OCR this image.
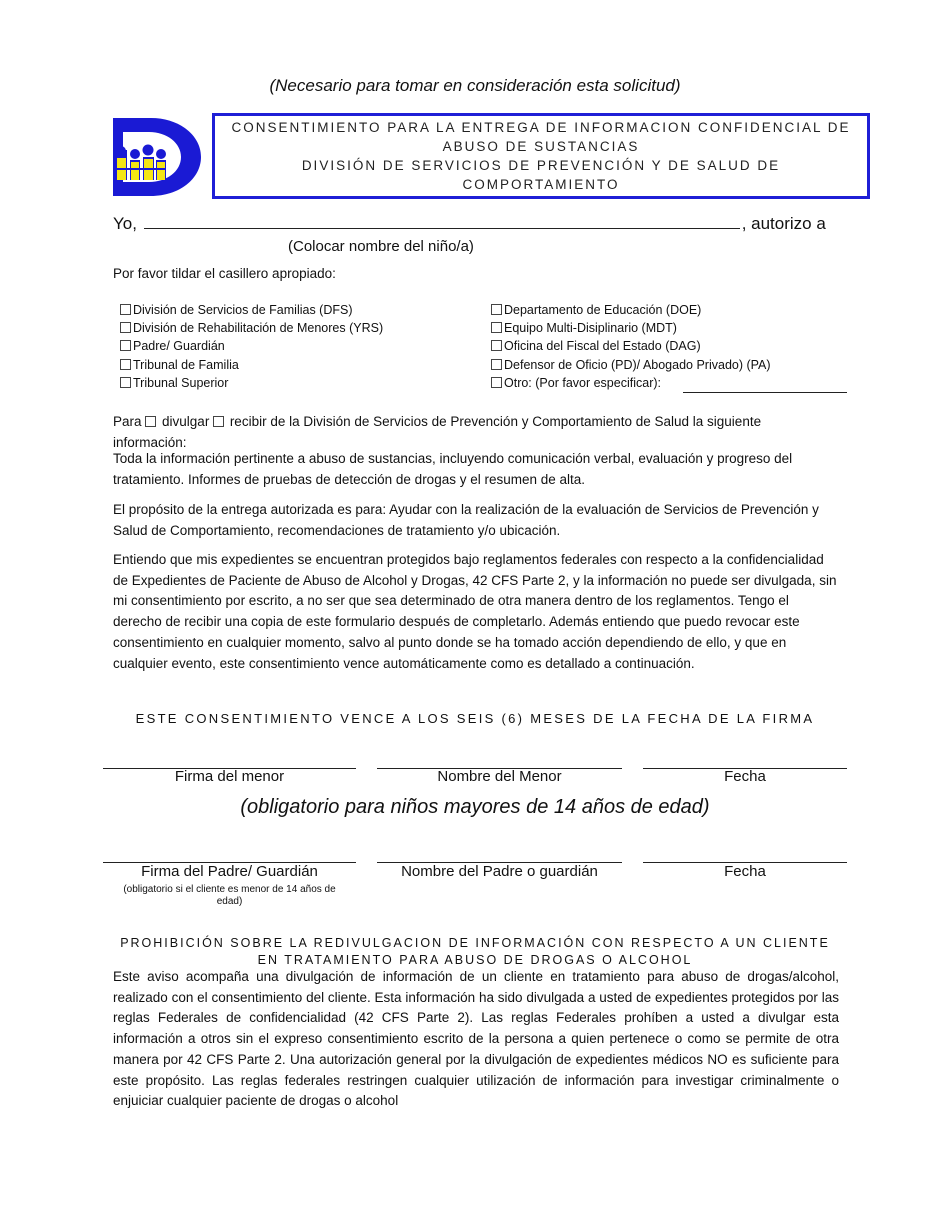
(Necesario para tomar en consideración esta solicitud)
CONSENTIMIENTO PARA LA ENTREGA DE INFORMACION CONFIDENCIAL DE
ABUSO DE SUSTANCIAS
DIVISIÓN DE SERVICIOS DE PREVENCIÓN Y DE SALUD DE
COMPORTAMIENTO
Yo,	, autorizo a
(Colocar nombre del niño/a)
Por favor tildar el casillero apropiado:
División de Servicios de Familias (DFS)
División de Rehabilitación de Menores (YRS)
Padre/ Guardián
Tribunal de Familia
Tribunal Superior
Departamento de Educación (DOE)
Equipo Multi-Disiplinario (MDT)
Oficina del Fiscal del Estado (DAG)
Defensor de Oficio (PD)/ Abogado Privado) (PA)
Otro: (Por favor especificar):
Para  divulgar  recibir de la División de Servicios de Prevención y Comportamiento de Salud la siguiente
información:
Toda la información pertinente a abuso de sustancias, incluyendo comunicación verbal, evaluación y progreso del tratamiento. Informes de pruebas de detección de drogas y el resumen de alta.
El propósito de la entrega autorizada es para: Ayudar con la realización de la evaluación de Servicios de Prevención y Salud de Comportamiento, recomendaciones de tratamiento y/o ubicación.
Entiendo que mis expedientes se encuentran protegidos bajo reglamentos federales con respecto a la confidencialidad de Expedientes de Paciente de Abuso de Alcohol y Drogas, 42 CFS Parte 2, y la información no puede ser divulgada, sin mi consentimiento por escrito, a no ser que sea determinado de otra manera dentro de los reglamentos. Tengo el derecho de recibir una copia de este formulario después de completarlo. Además entiendo que puedo revocar este consentimiento en cualquier momento, salvo al punto donde se ha tomado acción dependiendo de ello, y que en cualquier evento, este consentimiento vence automáticamente como es detallado a continuación.
ESTE CONSENTIMIENTO VENCE A LOS SEIS (6) MESES DE LA FECHA DE LA FIRMA
Firma del menor	Nombre del Menor	Fecha
(obligatorio para niños mayores de 14 años de edad)
Firma del Padre/ Guardián
(obligatorio si el cliente es menor de 14 años de edad)
Nombre del Padre o guardián	Fecha
PROHIBICIÓN SOBRE LA REDIVULGACION DE INFORMACIÓN CON RESPECTO A UN CLIENTE
EN TRATAMIENTO PARA ABUSO DE DROGAS O ALCOHOL
Este aviso acompaña una divulgación de información de un cliente en tratamiento para abuso de drogas/alcohol, realizado con el consentimiento del cliente. Esta información ha sido divulgada a usted de expedientes protegidos por las reglas Federales de confidencialidad (42 CFS Parte 2). Las reglas Federales prohíben a usted a divulgar esta información a otros sin el expreso consentimiento escrito de la persona a quien pertenece o como se permite de otra manera por 42 CFS Parte 2. Una autorización general por la divulgación de expedientes médicos NO es suficiente para este propósito. Las reglas federales restringen cualquier utilización de información para investigar criminalmente o enjuiciar cualquier paciente de drogas o alcohol
